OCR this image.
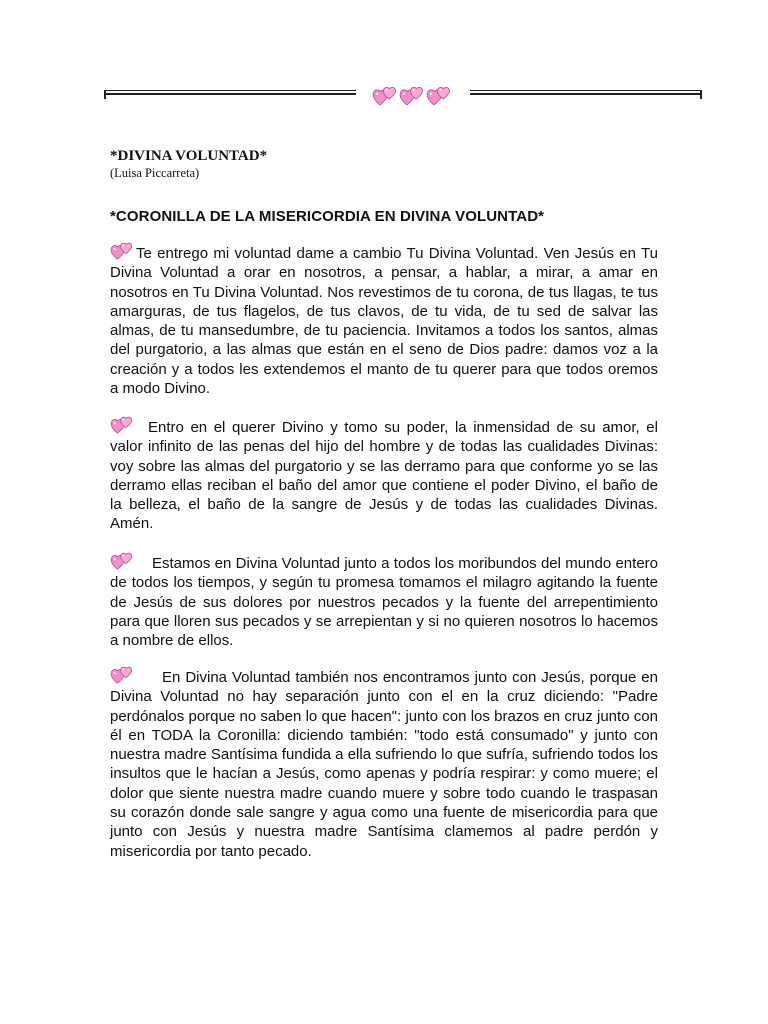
*DIVINA VOLUNTAD*
(Luisa Piccarreta)
*CORONILLA DE LA MISERICORDIA EN DIVINA VOLUNTAD*
Te entrego mi voluntad dame a cambio Tu Divina Voluntad. Ven Jesús en Tu Divina Voluntad a orar en nosotros, a pensar, a hablar, a mirar, a amar en nosotros en Tu Divina Voluntad. Nos revestimos de tu corona, de tus llagas, te tus amarguras, de tus flagelos, de tus clavos, de tu vida, de tu sed de salvar las almas, de tu mansedumbre, de tu paciencia. Invitamos a todos los santos, almas del purgatorio, a las almas que están en el seno de Dios padre: damos voz a la creación y a todos les extendemos el manto de tu querer para que todos oremos a modo Divino.
Entro en el querer Divino y tomo su poder, la inmensidad de su amor, el valor infinito de las penas del hijo del hombre y de todas las cualidades Divinas: voy sobre las almas del purgatorio y se las derramo para que conforme yo se las derramo ellas reciban el baño del amor que contiene el poder Divino, el baño de la belleza, el baño de la sangre de Jesús y de todas las cualidades Divinas. Amén.
Estamos en Divina Voluntad junto a todos los moribundos del mundo entero de todos los tiempos, y según tu promesa tomamos el milagro agitando la fuente de Jesús de sus dolores por nuestros pecados y la fuente del arrepentimiento para que lloren sus pecados y se arrepientan y si no quieren nosotros lo hacemos a nombre de ellos.
En Divina Voluntad también nos encontramos junto con Jesús, porque en Divina Voluntad no hay separación junto con el en la cruz diciendo: "Padre perdónalos porque no saben lo que hacen": junto con los brazos en cruz junto con él en TODA la Coronilla: diciendo también: "todo está consumado" y junto con nuestra madre Santísima fundida a ella sufriendo lo que sufría, sufriendo todos los insultos que le hacían a Jesús, como apenas y podría respirar: y como muere; el dolor que siente nuestra madre cuando muere y sobre todo cuando le traspasan su corazón donde sale sangre y agua como una fuente de misericordia para que junto con Jesús y nuestra madre Santísima clamemos al padre perdón y misericordia por tanto pecado.
